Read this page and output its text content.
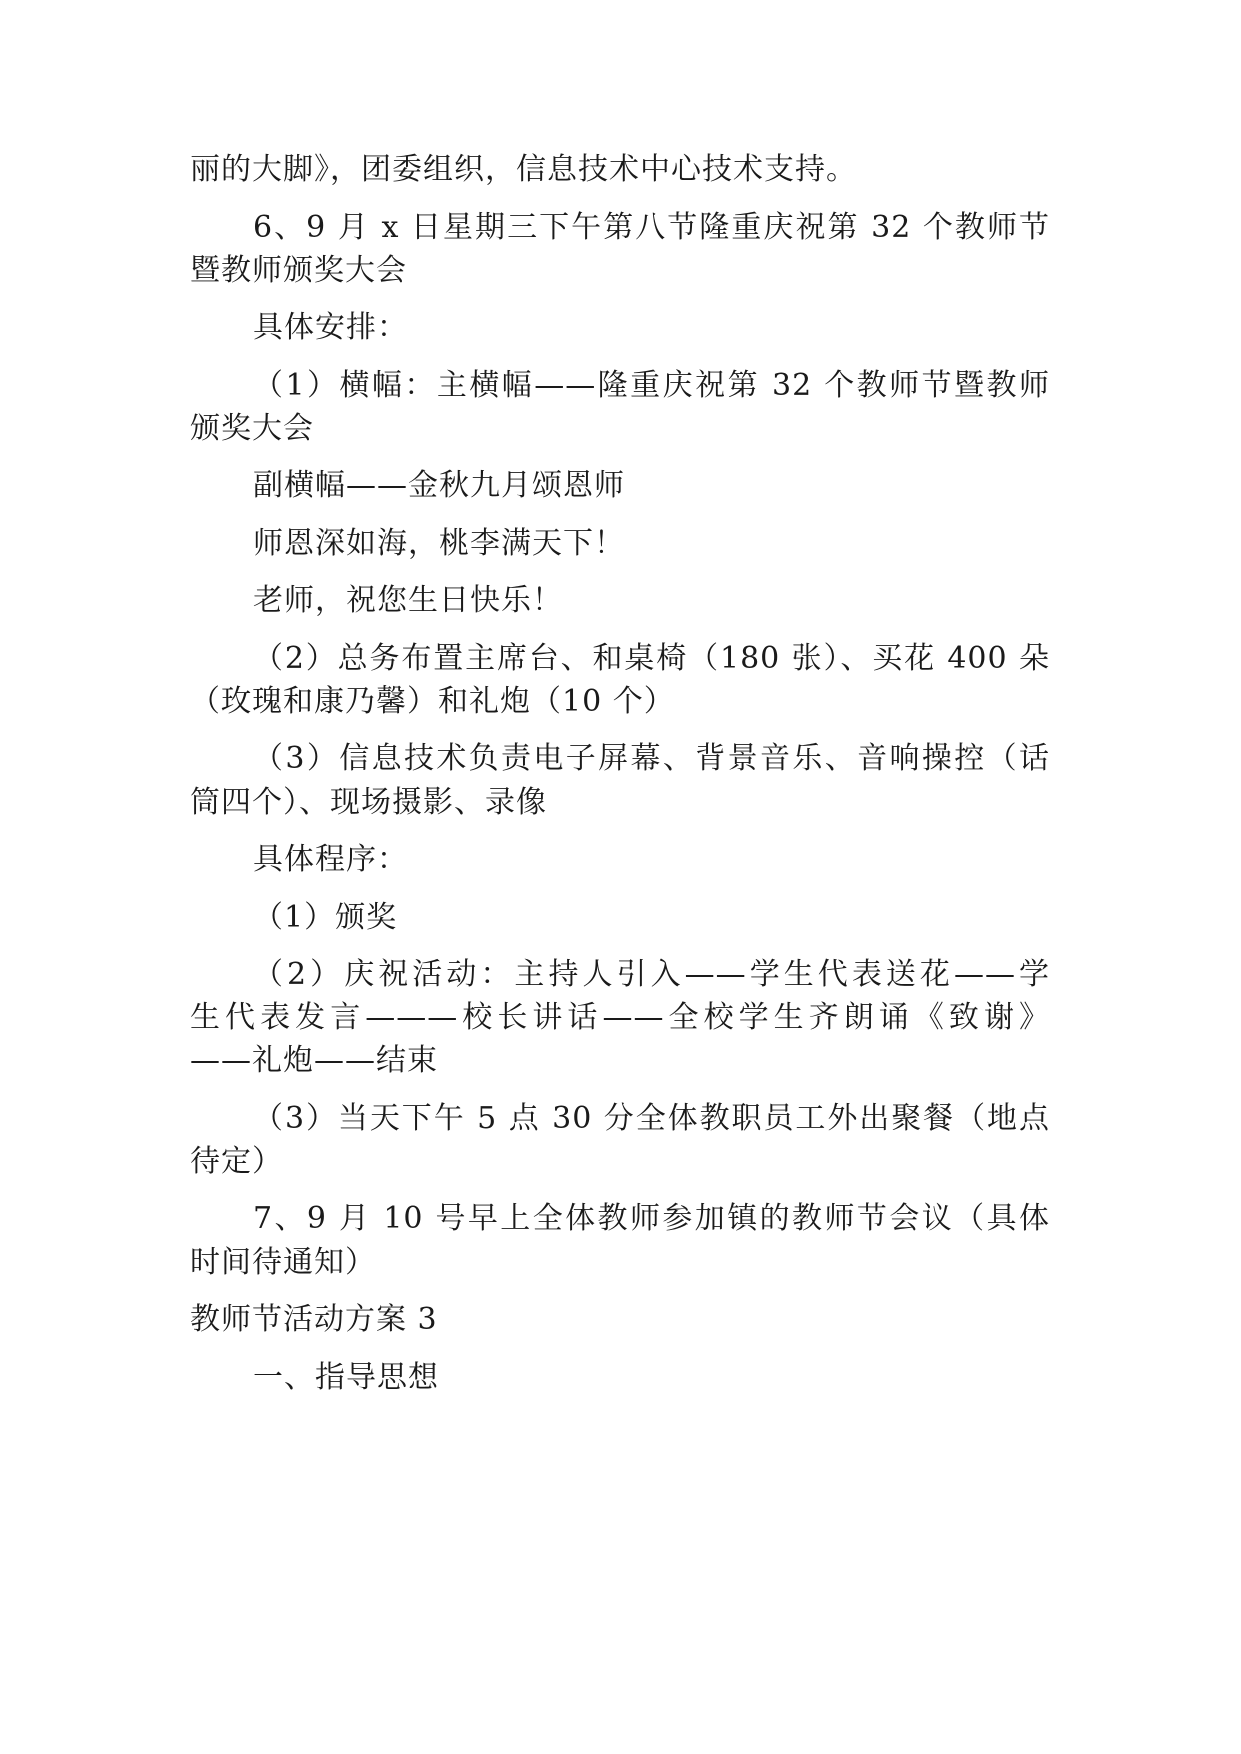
丽的大脚》，团委组织，信息技术中心技术支持。
6、9 月 x 日星期三下午第八节隆重庆祝第 32 个教师节
暨教师颁奖大会
具体安排：
（1）横幅：主横幅——隆重庆祝第 32 个教师节暨教师
颁奖大会
副横幅——金秋九月颂恩师
师恩深如海，桃李满天下！
老师，祝您生日快乐！
（2）总务布置主席台、和桌椅（180 张）、买花 400 朵
（玫瑰和康乃馨）和礼炮（10 个）
（3）信息技术负责电子屏幕、背景音乐、音响操控（话
筒四个）、现场摄影、录像
具体程序：
（1）颁奖
（2）庆祝活动：主持人引入——学生代表送花——学
生代表发言———校长讲话——全校学生齐朗诵《致谢》
——礼炮——结束
（3）当天下午 5 点 30 分全体教职员工外出聚餐（地点
待定）
7、9 月 10 号早上全体教师参加镇的教师节会议（具体
时间待通知）
教师节活动方案 3
一、指导思想
